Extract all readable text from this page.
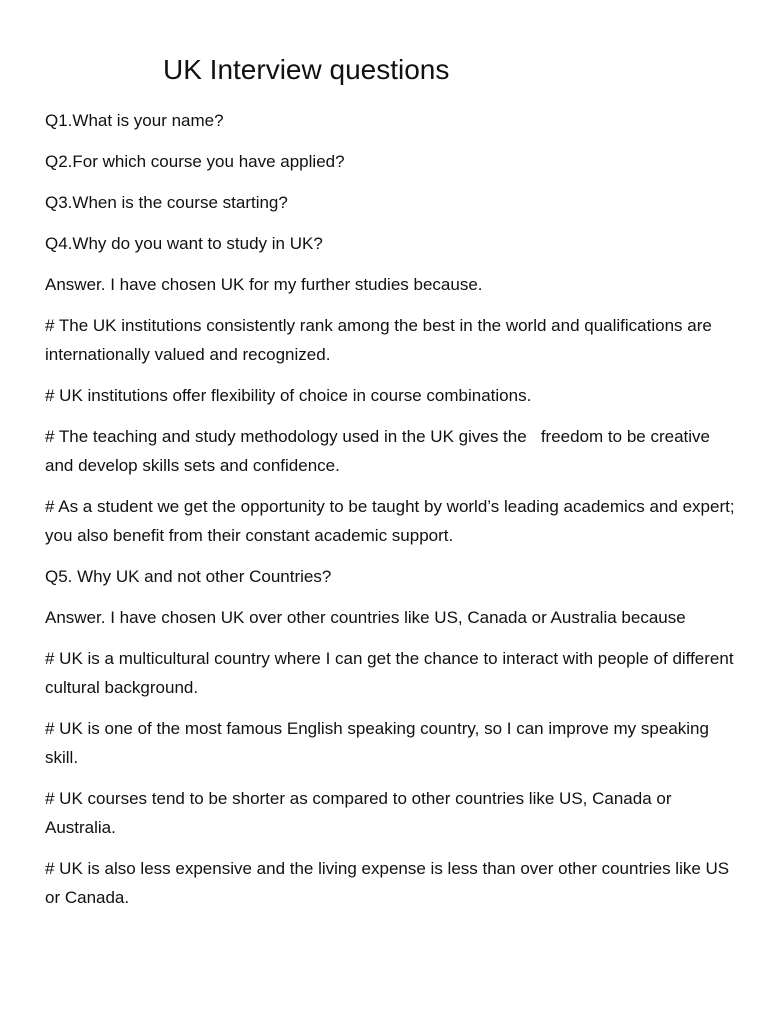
UK Interview questions

Q1.What is your name?

Q2.For which course you have applied?

Q3.When is the course starting?

Q4.Why do you want to study in UK?

Answer. I have chosen UK for my further studies because.

# The UK institutions consistently rank among the best in the world and qualifications are internationally valued and recognized.

# UK institutions offer flexibility of choice in course combinations.

# The teaching and study methodology used in the UK gives the   freedom to be creative and develop skills sets and confidence.

# As a student we get the opportunity to be taught by world’s leading academics and expert; you also benefit from their constant academic support.

Q5. Why UK and not other Countries?

Answer. I have chosen UK over other countries like US, Canada or Australia because

# UK is a multicultural country where I can get the chance to interact with people of different cultural background.

# UK is one of the most famous English speaking country, so I can improve my speaking skill.

# UK courses tend to be shorter as compared to other countries like US, Canada or Australia.

# UK is also less expensive and the living expense is less than over other countries like US or Canada.
